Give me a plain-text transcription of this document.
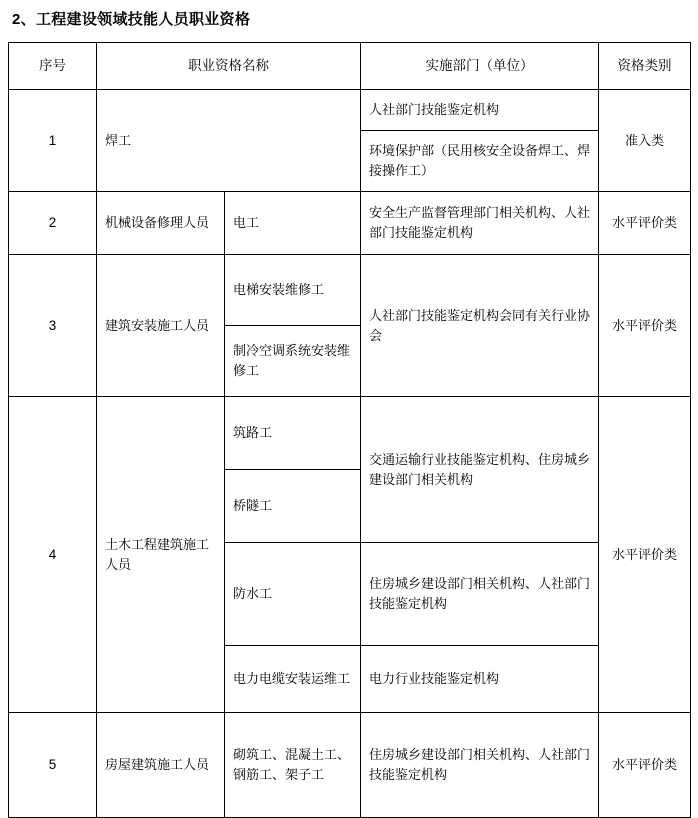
2、工程建设领域技能人员职业资格
序号	职业资格名称		实施部门（单位）	资格类别
1	焊工		人社部门技能鉴定机构	准入类
			环境保护部（民用核安全设备焊工、焊接操作工）	
2	机械设备修理人员	电工	安全生产监督管理部门相关机构、人社部门技能鉴定机构	水平评价类
3	建筑安装施工人员	电梯安装维修工	人社部门技能鉴定机构会同有关行业协会	水平评价类
		制冷空调系统安装维修工		
4	土木工程建筑施工人员	筑路工	交通运输行业技能鉴定机构、住房城乡建设部门相关机构	水平评价类
		桥隧工		
		防水工	住房城乡建设部门相关机构、人社部门技能鉴定机构	
		电力电缆安装运维工	电力行业技能鉴定机构	
5	房屋建筑施工人员	砌筑工、混凝土工、钢筋工、架子工	住房城乡建设部门相关机构、人社部门技能鉴定机构	水平评价类
